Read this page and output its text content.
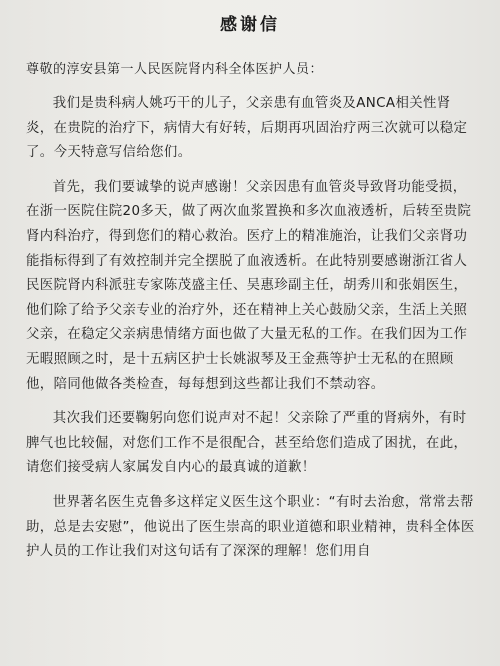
感谢信
尊敬的淳安县第一人民医院肾内科全体医护人员：

我们是贵科病人姚巧干的儿子，父亲患有血管炎及ANCA相关性肾炎，在贵院的治疗下，病情大有好转，后期再巩固治疗两三次就可以稳定了。今天特意写信给您们。

首先，我们要诚挚的说声感谢！父亲因患有血管炎导致肾功能受损，在浙一医院住院20多天，做了两次血浆置换和多次血液透析，后转至贵院肾内科治疗，得到您们的精心救治。医疗上的精准施治，让我们父亲肾功能指标得到了有效控制并完全摆脱了血液透析。在此特别要感谢浙江省人民医院肾内科派驻专家陈茂盛主任、吴惠珍副主任，胡秀川和张娟医生，他们除了给予父亲专业的治疗外，还在精神上关心鼓励父亲，生活上关照父亲，在稳定父亲病患情绪方面也做了大量无私的工作。在我们因为工作无暇照顾之时，是十五病区护士长姚淑琴及王金燕等护士无私的在照顾他，陪同他做各类检查，每每想到这些都让我们不禁动容。

其次我们还要鞠躬向您们说声对不起！父亲除了严重的肾病外，有时脾气也比较倔，对您们工作不是很配合，甚至给您们造成了困扰，在此，请您们接受病人家属发自内心的最真诚的道歉！

世界著名医生克鲁多这样定义医生这个职业：“有时去治愈，常常去帮助，总是去安慰”，他说出了医生崇高的职业道德和职业精神，贵科全体医护人员的工作让我们对这句话有了深深的理解！您们用自
